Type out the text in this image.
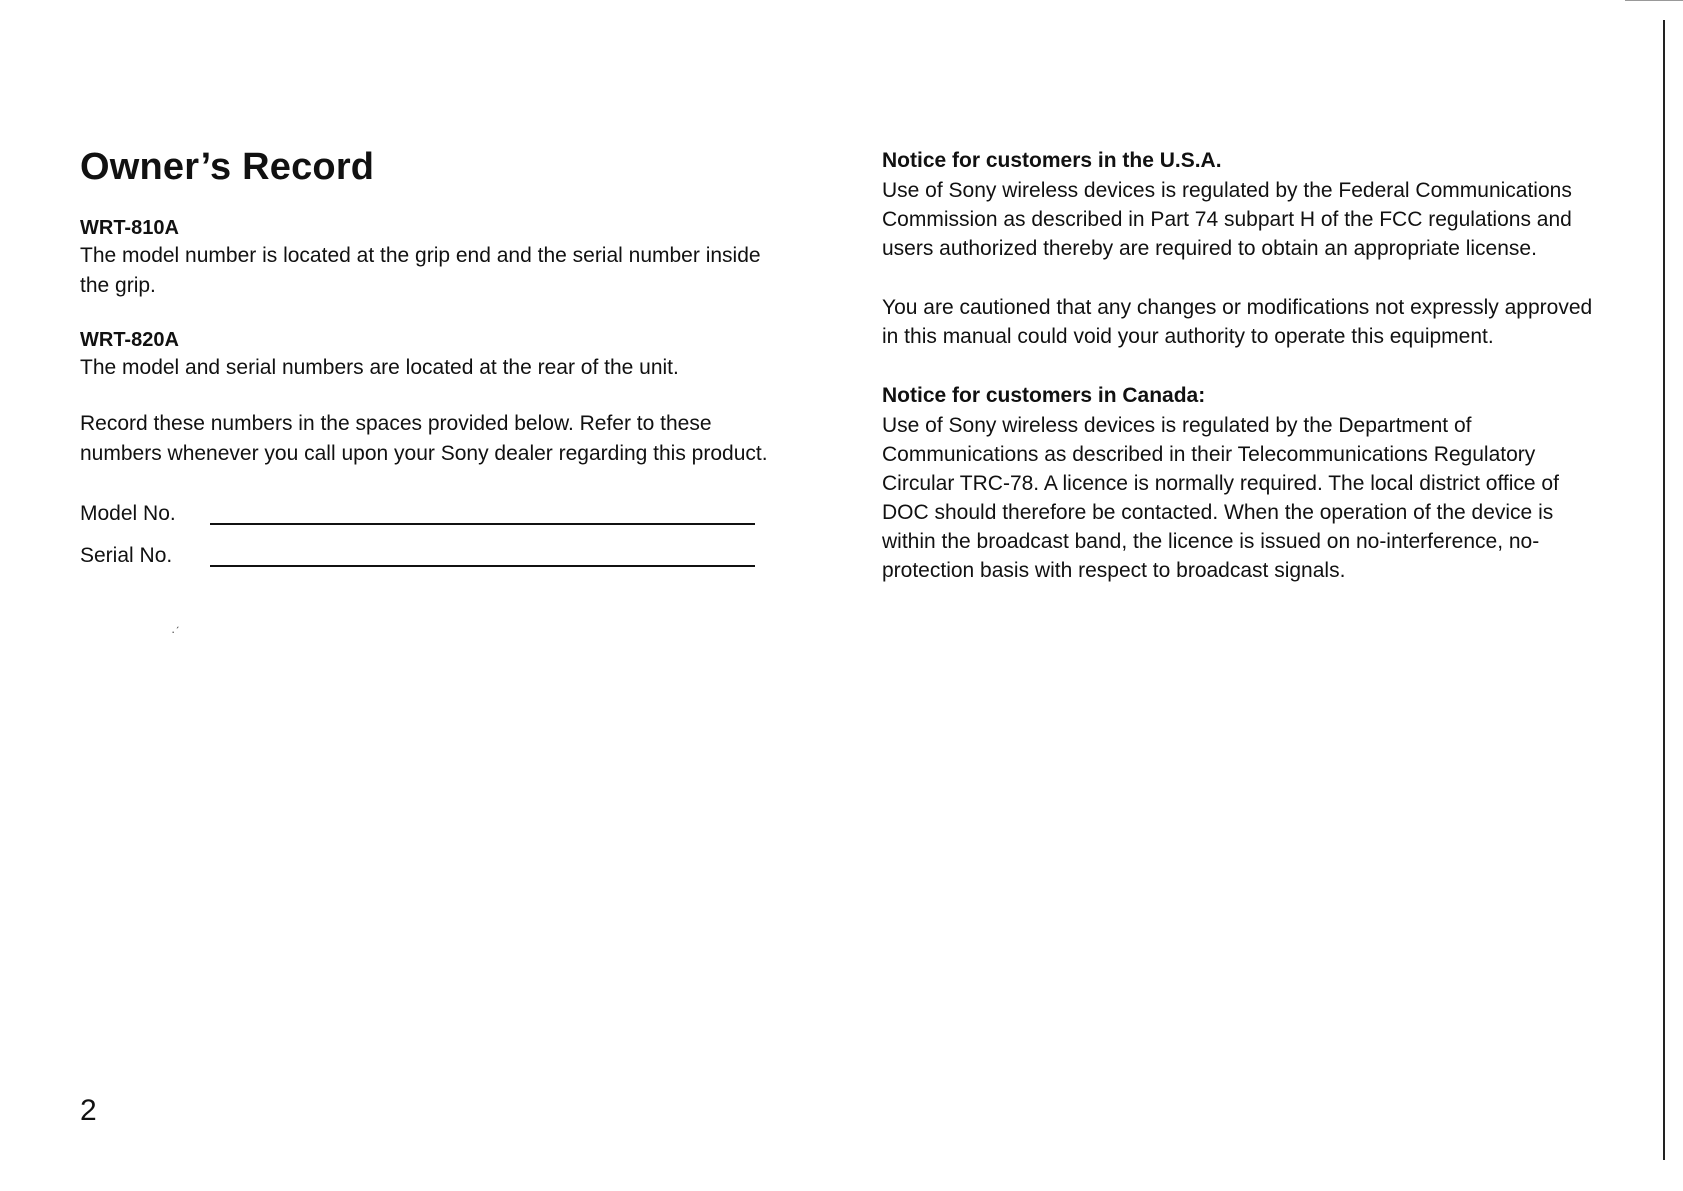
Owner’s Record
WRT-810A

The model number is located at the grip end and the serial number inside the grip.

WRT-820A

The model and serial numbers are located at the rear of the unit.

Record these numbers in the spaces provided below. Refer to these numbers whenever you call upon your Sony dealer regarding this product.

Model No.
Serial No.
·ˊ
2
Notice for customers in the U.S.A.

Use of Sony wireless devices is regulated by the Federal Communications Commission as described in Part 74 subpart H of the FCC regulations and users authorized thereby are required to obtain an appropriate license.

You are cautioned that any changes or modifications not expressly approved in this manual could void your authority to operate this equipment.

Notice for customers in Canada:

Use of Sony wireless devices is regulated by the Department of Communications as described in their Telecommunications Regulatory Circular TRC-78. A licence is normally required. The local district office of DOC should therefore be contacted. When the operation of the device is within the broadcast band, the licence is issued on no-interference, no-protection basis with respect to broadcast signals.
